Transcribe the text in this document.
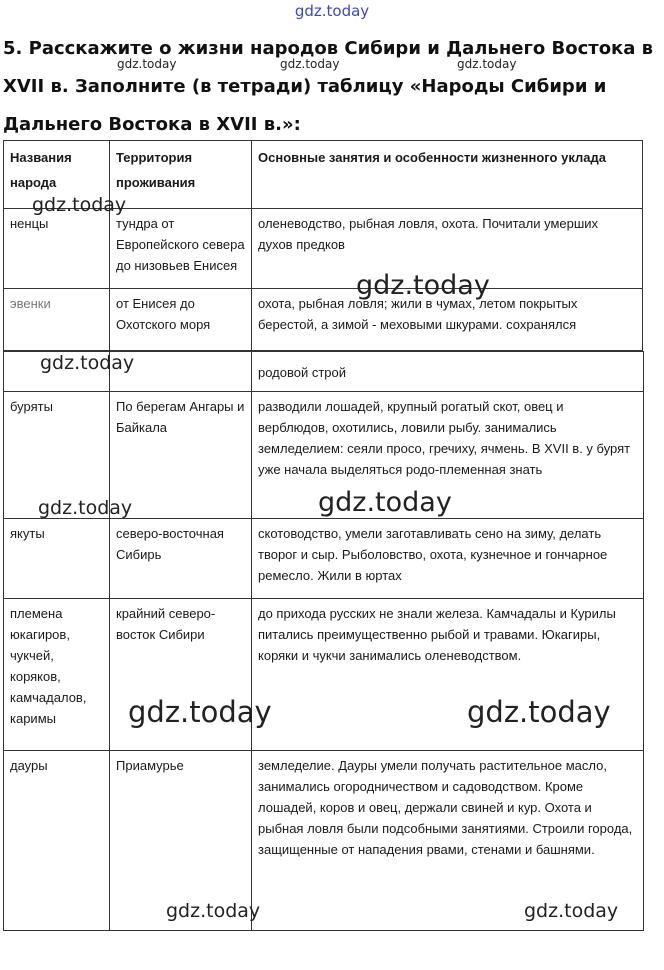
gdz.today

5. Расскажите о жизни народов Сибири и Дальнего Востока в XVII в. Заполните (в тетради) таблицу «Народы Сибири и Дальнего Востока в XVII в.»:

Названия народа	Территория проживания	Основные занятия и особенности жизненного уклада
ненцы	тундра от Европейского севера до низовьев Енисея	оленеводство, рыбная ловля, охота. Почитали умерших духов предков
эвенки	от Енисея до Охотского моря	охота, рыбная ловля; жили в чумах, летом покрытых берестой, а зимой - меховыми шкурами. сохранялся
		родовой строй
буряты	По берегам Ангары и Байкала	разводили лошадей, крупный рогатый скот, овец и верблюдов, охотились, ловили рыбу. занимались земледелием: сеяли просо, гречиху, ячмень. В XVII в. у бурят уже начала выделяться родо-племенная знать
якуты	северо-восточная Сибирь	скотоводство, умели заготавливать сено на зиму, делать творог и сыр. Рыболовство, охота, кузнечное и гончарное ремесло. Жили в юртах
племена юкагиров, чукчей, коряков, камчадалов, каримы	крайний северо-восток Сибири	до прихода русских не знали железа. Камчадалы и Курилы питались преимущественно рыбой и травами. Юкагиры, коряки и чукчи занимались оленеводством.
дауры	Приамурье	земледелие. Дауры умели получать растительное масло, занимались огородничеством и садоводством. Кроме лошадей, коров и овец, держали свиней и кур. Охота и рыбная ловля были подсобными занятиями. Строили города, защищенные от нападения рвами, стенами и башнями.
gdz.today	gdz.today	gdz.today
gdz.today
gdz.today
gdz.today
gdz.today	gdz.today
gdz.today	gdz.today
gdz.today	gdz.today
